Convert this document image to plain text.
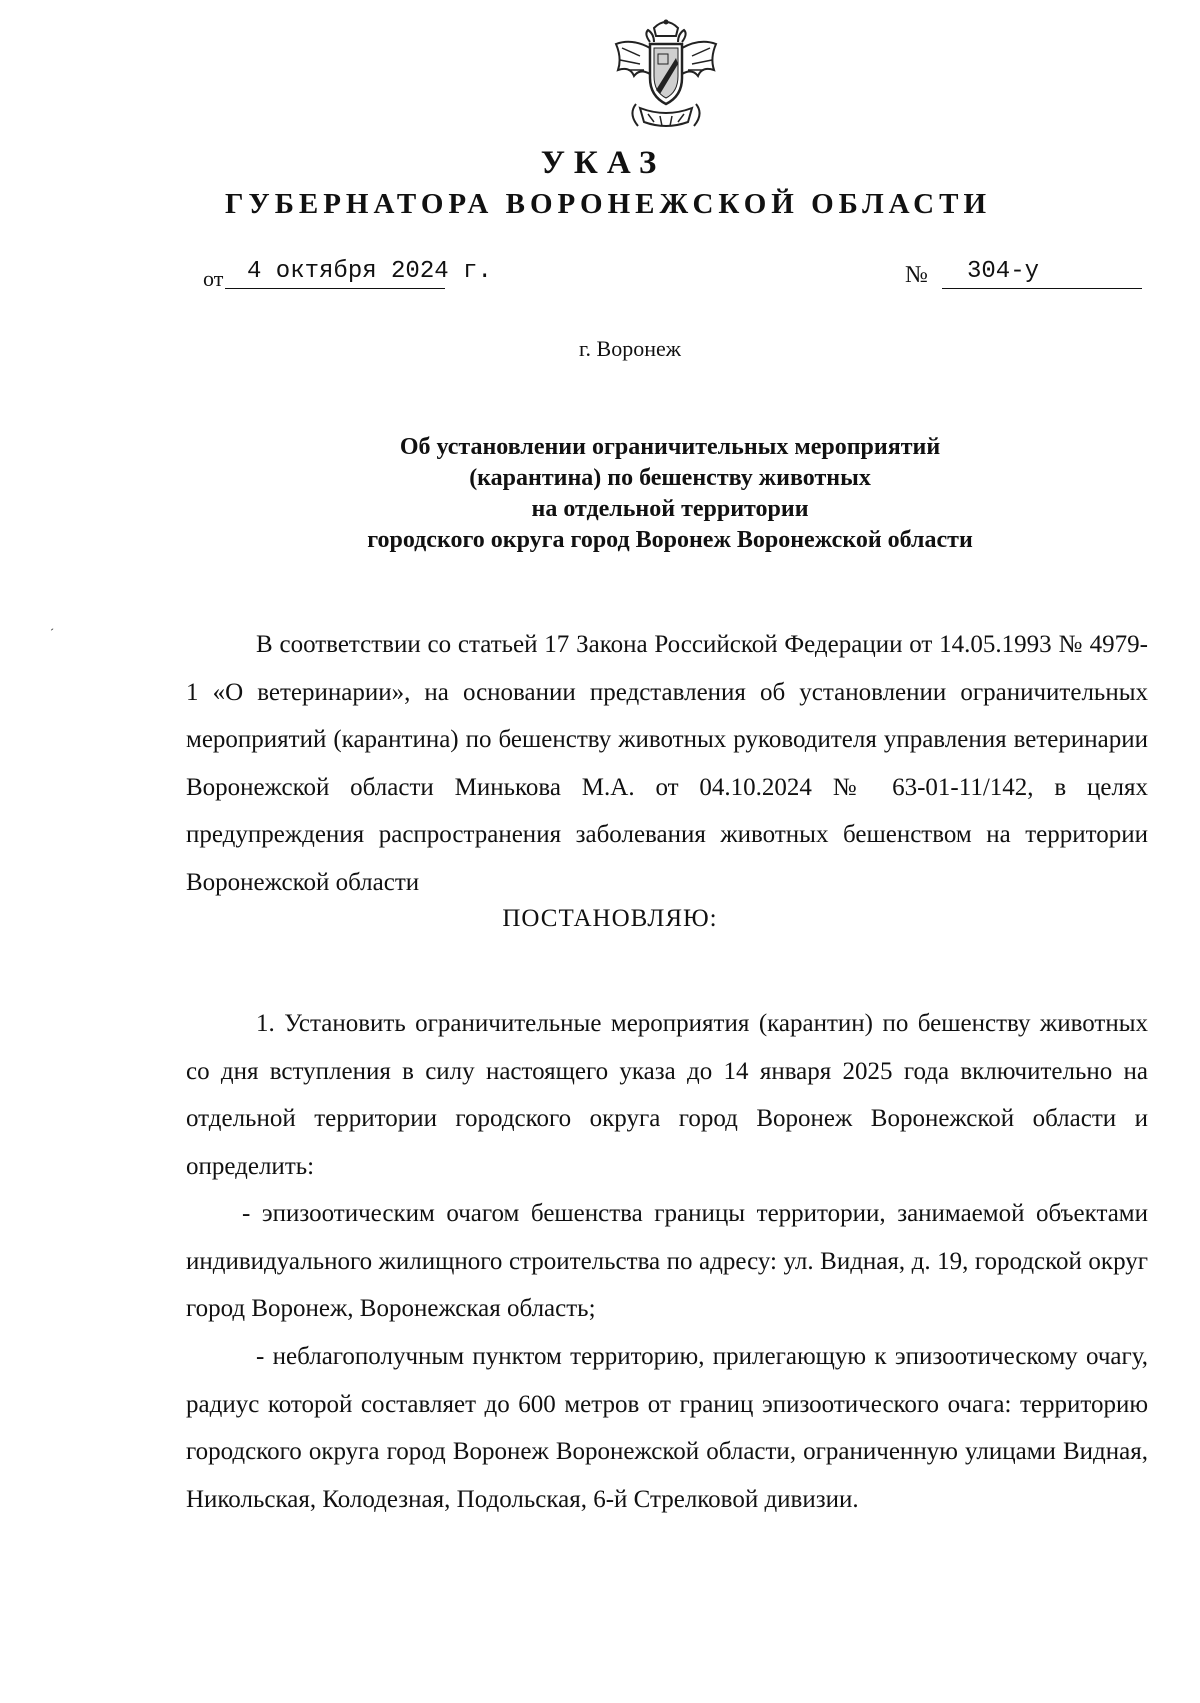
УКАЗ
ГУБЕРНАТОРА ВОРОНЕЖСКОЙ ОБЛАСТИ
от 4 октября 2024 г.	№ 304-у
г. Воронеж
Об установлении ограничительных мероприятий
(карантина) по бешенству животных
на отдельной территории
городского округа город Воронеж Воронежской области
´	В соответствии со статьей 17 Закона Российской Федерации от 14.05.1993 № 4979-1 «О ветеринарии», на основании представления об установлении ограничительных мероприятий (карантина) по бешенству животных руководителя управления ветеринарии Воронежской области Минькова М.А. от 04.10.2024 № 63-01-11/142, в целях предупреждения распространения заболевания животных бешенством на территории Воронежской области
ПОСТАНОВЛЯЮ:
1. Установить ограничительные мероприятия (карантин) по бешенству животных со дня вступления в силу настоящего указа до 14 января 2025 года включительно на отдельной территории городского округа город Воронеж Воронежской области и определить:
- эпизоотическим очагом бешенства границы территории, занимаемой объектами индивидуального жилищного строительства по адресу: ул. Видная, д. 19, городской округ город Воронеж, Воронежская область;
- неблагополучным пунктом территорию, прилегающую к эпизоотическому очагу, радиус которой составляет до 600 метров от границ эпизоотического очага: территорию городского округа город Воронеж Воронежской области, ограниченную улицами Видная, Никольская, Колодезная, Подольская, 6-й Стрелковой дивизии.
